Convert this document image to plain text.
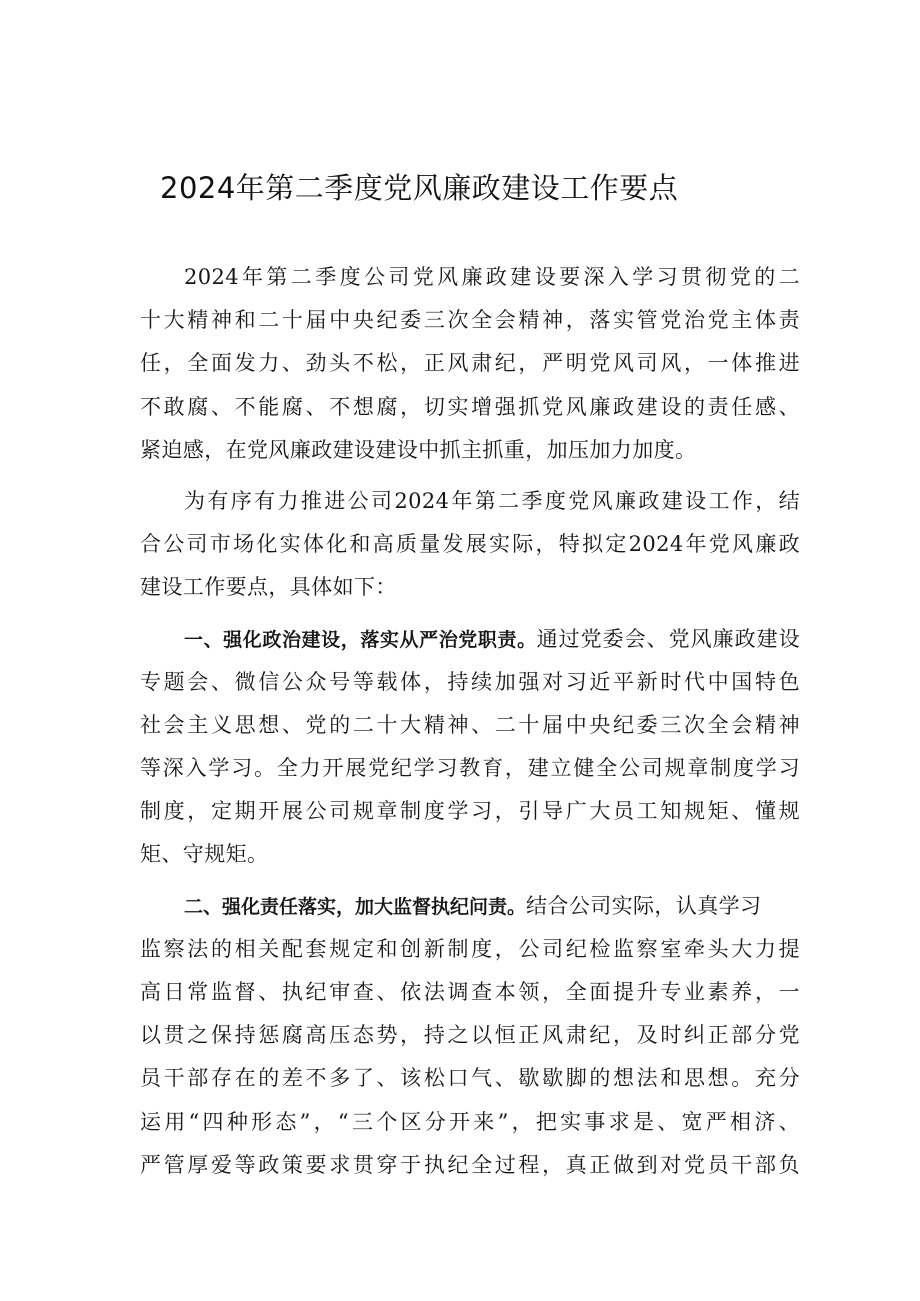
2024年第二季度党风廉政建设工作要点
2024年第二季度公司党风廉政建设要深入学习贯彻党的二
十大精神和二十届中央纪委三次全会精神，落实管党治党主体责
任，全面发力、劲头不松，正风肃纪，严明党风司风，一体推进
不敢腐、不能腐、不想腐，切实增强抓党风廉政建设的责任感、
紧迫感，在党风廉政建设建设中抓主抓重，加压加力加度。
为有序有力推进公司2024年第二季度党风廉政建设工作，结
合公司市场化实体化和高质量发展实际，特拟定2024年党风廉政
建设工作要点，具体如下：
一、强化政治建设，落实从严治党职责。通过党委会、党风廉政建设
专题会、微信公众号等载体，持续加强对习近平新时代中国特色
社会主义思想、党的二十大精神、二十届中央纪委三次全会精神
等深入学习。全力开展党纪学习教育，建立健全公司规章制度学习
制度，定期开展公司规章制度学习，引导广大员工知规矩、懂规
矩、守规矩。
二、强化责任落实，加大监督执纪问责。结合公司实际，认真学习
监察法的相关配套规定和创新制度，公司纪检监察室牵头大力提
高日常监督、执纪审查、依法调查本领，全面提升专业素养，一
以贯之保持惩腐高压态势，持之以恒正风肃纪，及时纠正部分党
员干部存在的差不多了、该松口气、歇歇脚的想法和思想。充分
运用“四种形态”，“三个区分开来”，把实事求是、宽严相济、
严管厚爱等政策要求贯穿于执纪全过程，真正做到对党员干部负
